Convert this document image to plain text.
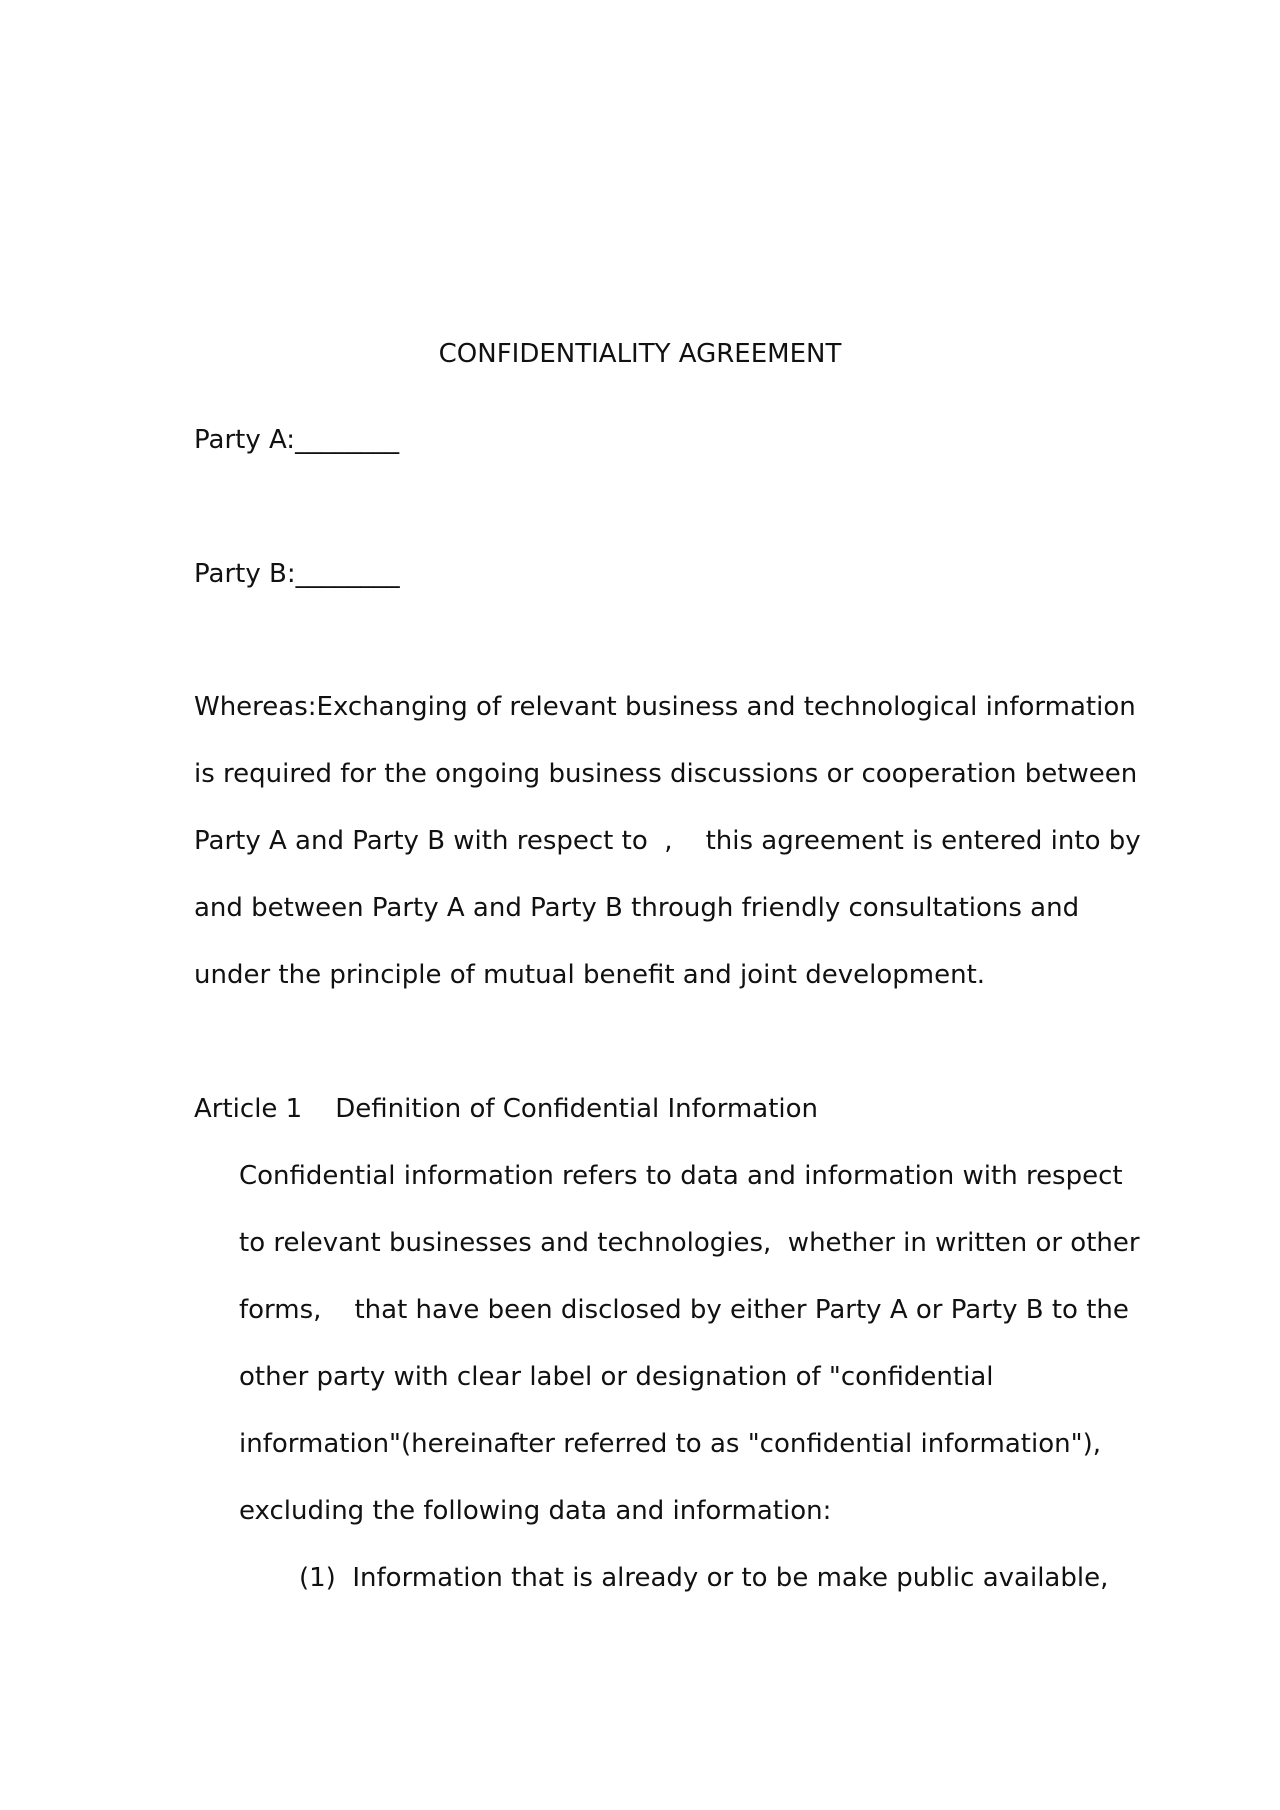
CONFIDENTIALITY AGREEMENT
Party A:________
Party B:________
Whereas:Exchanging of relevant business and technological information
is required for the ongoing business discussions or cooperation between
Party A and Party B with respect to  ,    this agreement is entered into by
and between Party A and Party B through friendly consultations and
under the principle of mutual benefit and joint development.
Article 1    Definition of Confidential Information
Confidential information refers to data and information with respect
to relevant businesses and technologies,  whether in written or other
forms,    that have been disclosed by either Party A or Party B to the
other party with clear label or designation of "confidential
information"(hereinafter referred to as "confidential information"),
excluding the following data and information:
(1)  Information that is already or to be make public available,
